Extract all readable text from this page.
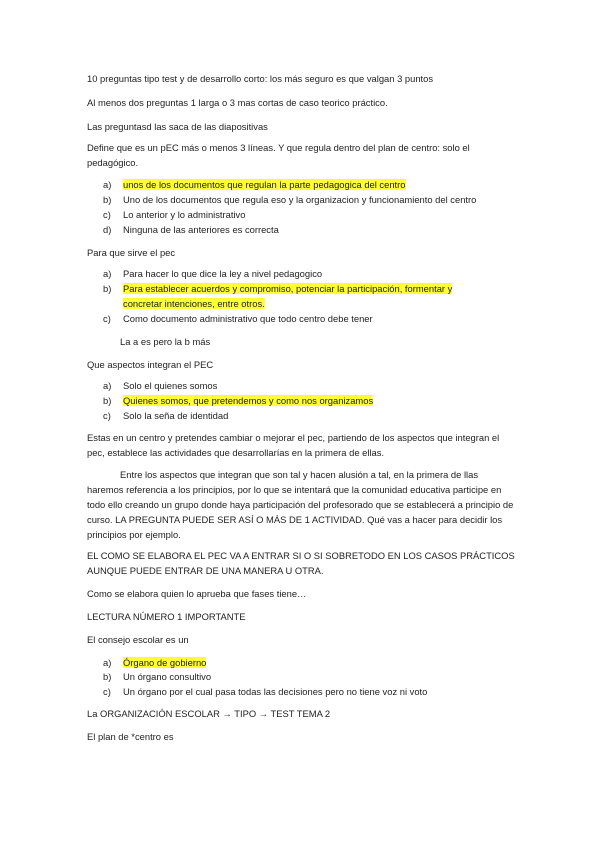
10 preguntas tipo test y de desarrollo corto: los más seguro es que valgan 3 puntos

Al menos dos preguntas 1 larga o 3 mas cortas de caso teorico práctico.

Las preguntasd las saca de las diapositivas

Define que es un pEC más o menos 3 líneas. Y que regula dentro del plan de centro: solo el pedagógico.

a)	unos de los documentos que regulan la parte pedagogica del centro
b)	Uno de los documentos que regula eso y la organizacion y funcionamiento del centro
c)	Lo anterior y lo administrativo
d)	Ninguna de las anteriores es correcta

Para que sirve el pec

a)	Para hacer lo que dice la ley a nivel pedagogico
b)	Para establecer acuerdos y compromiso, potenciar la participación, formentar y concretar intenciones, entre otros.
c)	Como documento administrativo que todo centro debe tener
La a es pero la b más

Que aspectos integran el PEC

a)	Solo el quienes somos
b)	Quienes somos, que pretendemos y como nos organizamos
c)	Solo la seña de identidad

Estas en un centro y pretendes cambiar o mejorar el pec, partiendo de los aspectos que integran el pec, establece las actividades que desarrollarías en la primera de ellas.

Entre los aspectos que integran que son tal y hacen alusión a tal, en la primera de llas haremos referencia a los principios, por lo que se intentará que la comunidad educativa participe en todo ello creando un grupo donde haya participación del profesorado que se establecerá a principio de curso. LA PREGUNTA PUEDE SER ASÍ O MÁS DE 1 ACTIVIDAD. Qué vas a hacer para decidir los principios por ejemplo.

EL COMO SE ELABORA EL PEC VA A ENTRAR SI O SI SOBRETODO EN LOS CASOS PRÁCTICOS AUNQUE PUEDE ENTRAR DE UNA MANERA U OTRA.

Como se elabora quien lo aprueba que fases tiene…

LECTURA NÚMERO 1 IMPORTANTE

El consejo escolar es un

a)	Órgano de gobierno
b)	Un órgano consultivo
c)	Un órgano por el cual pasa todas las decisiones pero no tiene voz ni voto

La ORGANIZACIÓN ESCOLAR → TIPO → TEST TEMA 2

El plan de *centro es
